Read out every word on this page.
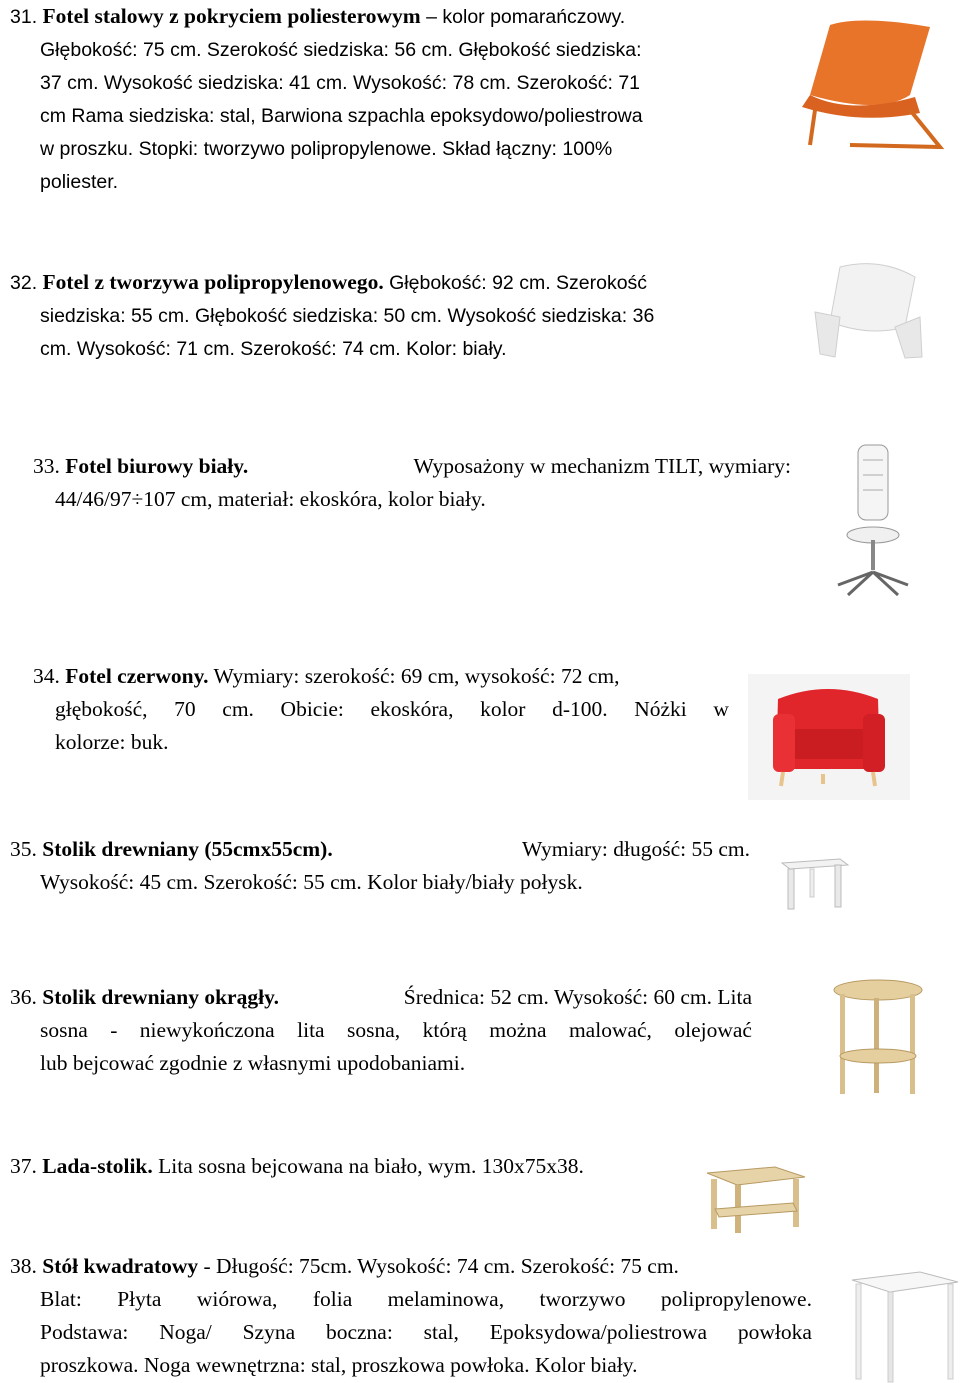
31. Fotel stalowy z pokryciem poliesterowym – kolor pomarańczowy.
Głębokość: 75 cm. Szerokość siedziska: 56 cm. Głębokość siedziska:
37 cm. Wysokość siedziska: 41 cm. Wysokość: 78 cm. Szerokość: 71
cm Rama siedziska: stal, Barwiona szpachla epoksydowo/poliestrowa
w proszku. Stopki: tworzywo polipropylenowe. Skład łączny: 100%
poliester.
32. Fotel z tworzywa polipropylenowego. Głębokość: 92 cm. Szerokość
siedziska: 55 cm. Głębokość siedziska: 50 cm. Wysokość siedziska: 36
cm. Wysokość: 71 cm. Szerokość: 74 cm. Kolor: biały.
33. Fotel biurowy biały.	Wyposażony w mechanizm TILT, wymiary:
44/46/97÷107 cm, materiał: ekoskóra, kolor biały.
34. Fotel czerwony. Wymiary: szerokość: 69 cm, wysokość: 72 cm,
głębokość, 70 cm. Obicie: ekoskóra, kolor d-100. Nóżki w
kolorze: buk.
35. Stolik drewniany (55cmx55cm).	Wymiary: długość: 55 cm.
Wysokość: 45 cm. Szerokość: 55 cm. Kolor biały/biały połysk.
36. Stolik drewniany okrągły.	Średnica: 52 cm. Wysokość: 60 cm. Lita
sosna - niewykończona lita sosna, którą można malować, olejować
lub bejcować zgodnie z własnymi upodobaniami.
37. Lada-stolik. Lita sosna bejcowana na biało, wym. 130x75x38.
38. Stół kwadratowy - Długość: 75cm. Wysokość: 74 cm. Szerokość: 75 cm.
Blat: Płyta wiórowa, folia melaminowa, tworzywo polipropylenowe.
Podstawa: Noga/ Szyna boczna: stal, Epoksydowa/poliestrowa powłoka
proszkowa. Noga wewnętrzna: stal, proszkowa powłoka. Kolor biały.
